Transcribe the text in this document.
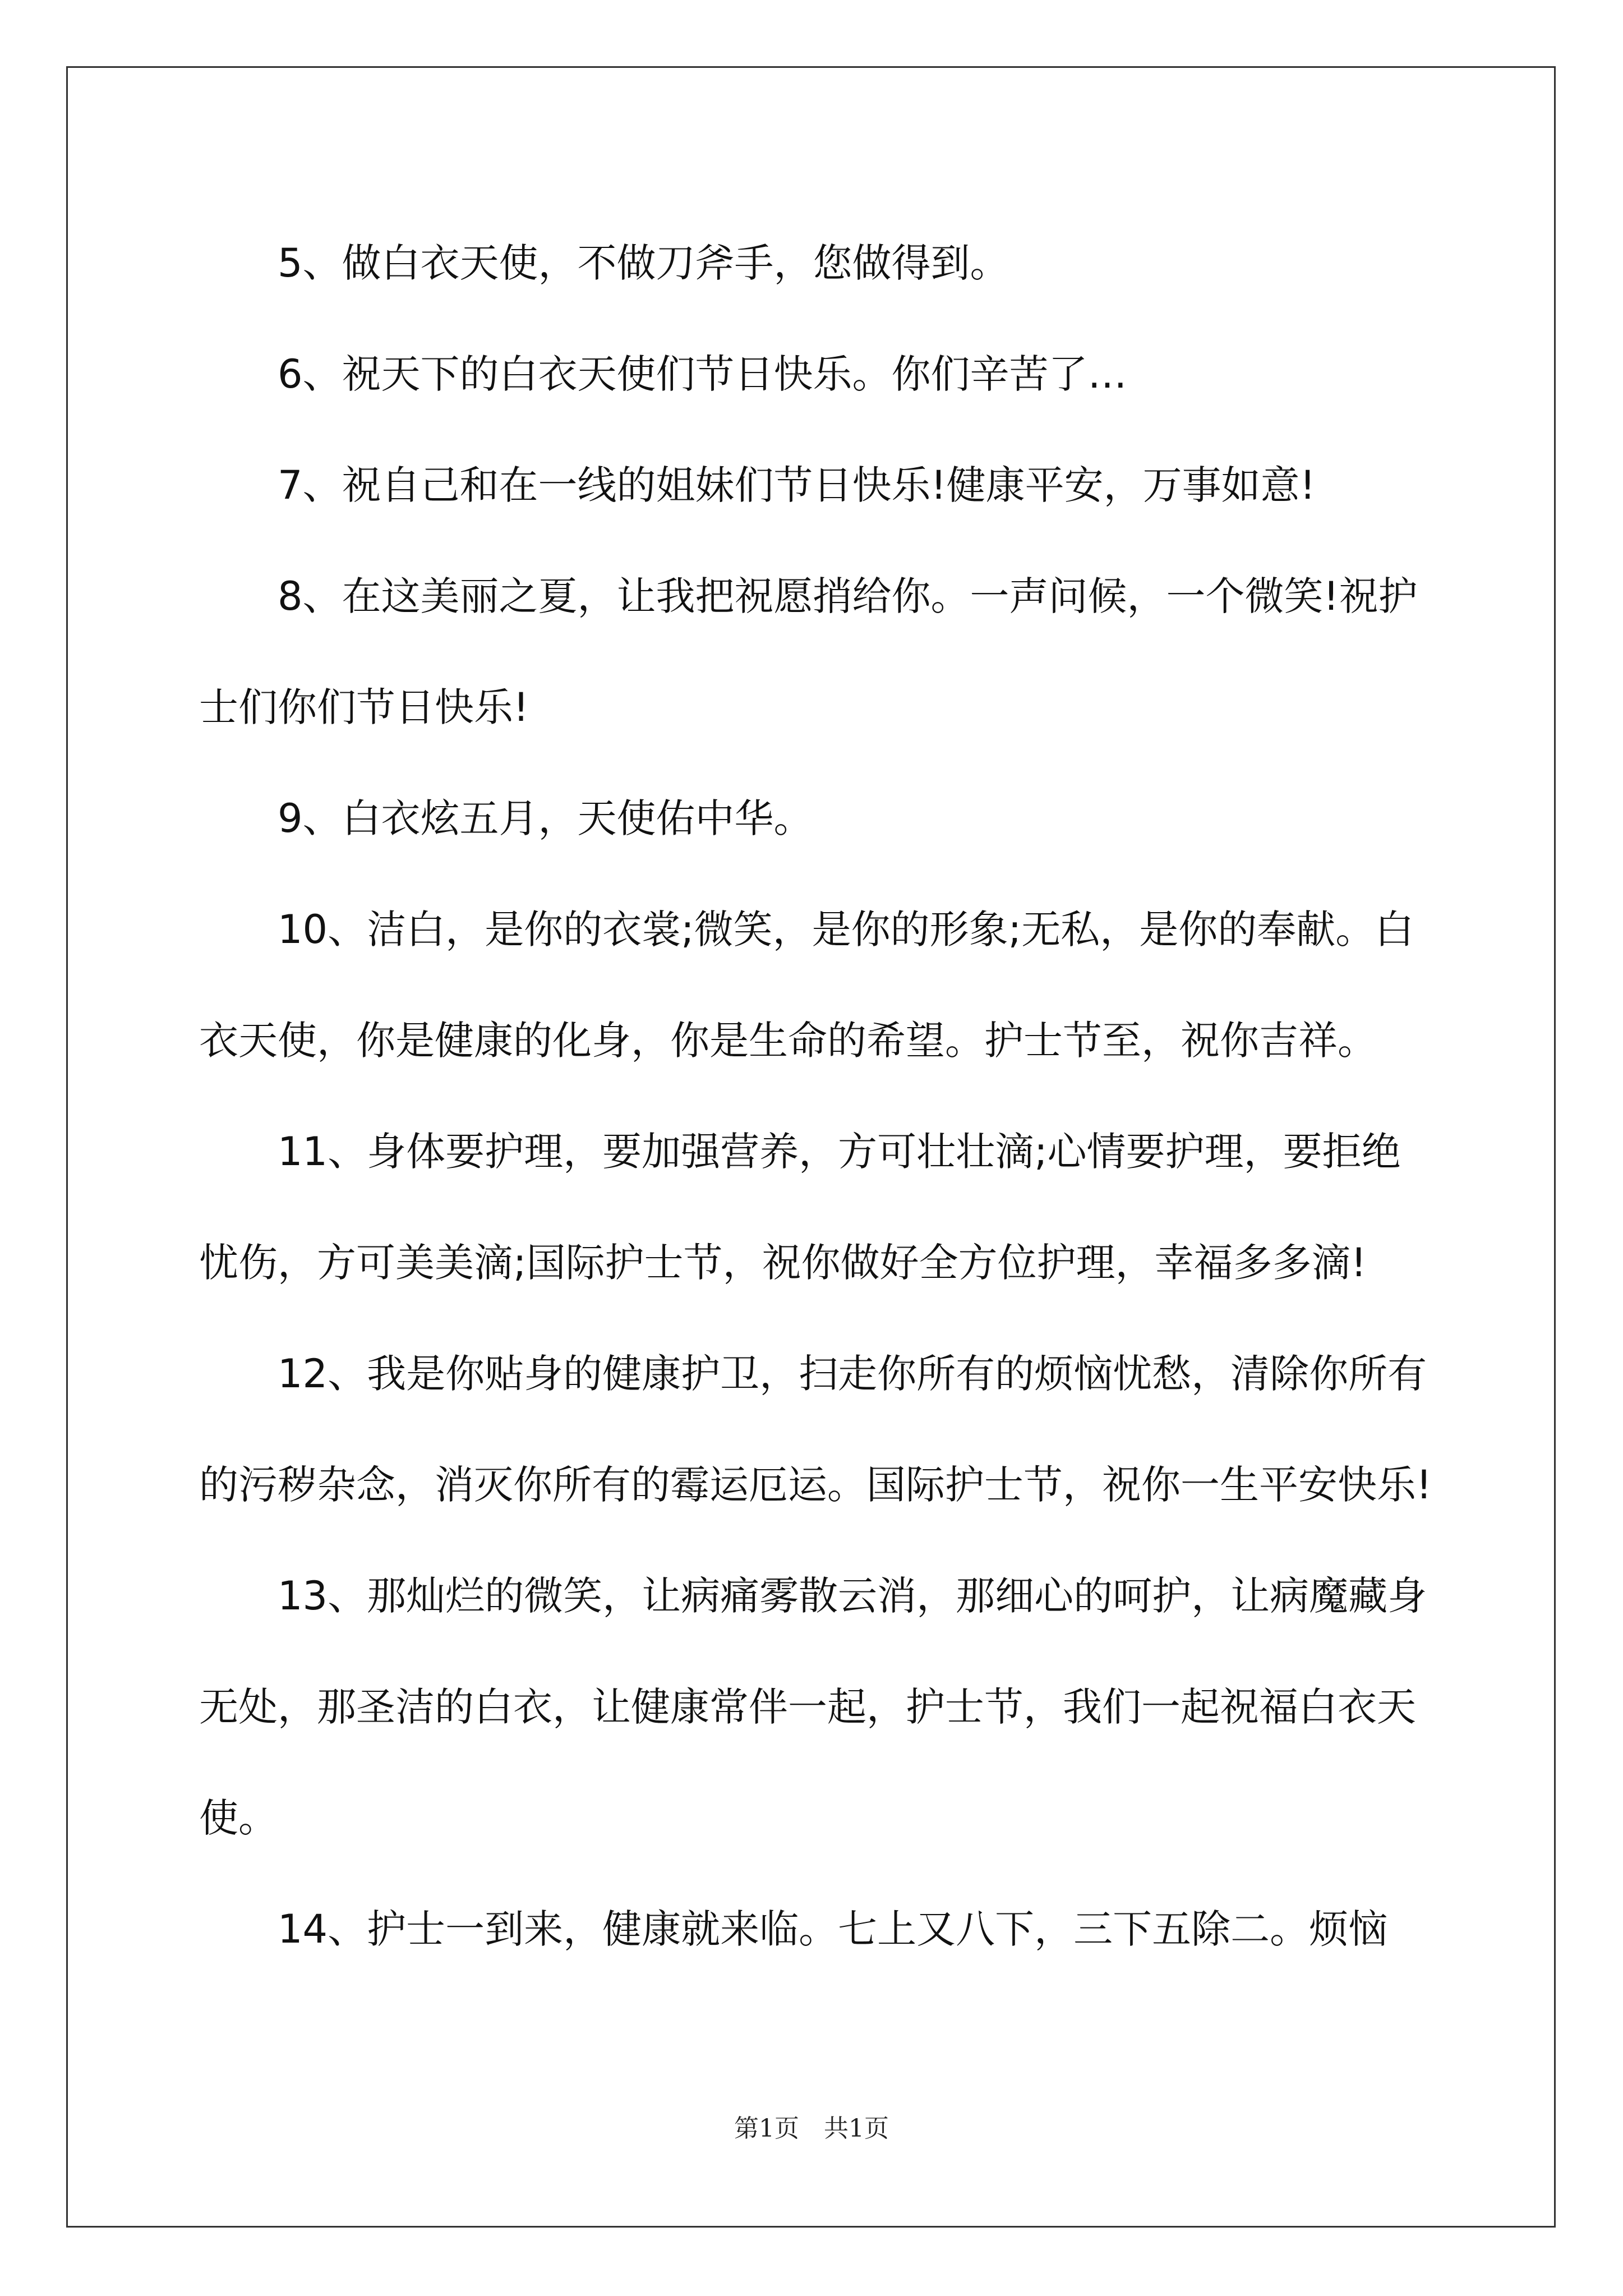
5、做白衣天使，不做刀斧手，您做得到。

6、祝天下的白衣天使们节日快乐。你们辛苦了…

7、祝自己和在一线的姐妹们节日快乐!健康平安，万事如意!

8、在这美丽之夏，让我把祝愿捎给你。一声问候，一个微笑!祝护士们你们节日快乐!

9、白衣炫五月，天使佑中华。

10、洁白，是你的衣裳;微笑，是你的形象;无私，是你的奉献。白衣天使，你是健康的化身，你是生命的希望。护士节至，祝你吉祥。

11、身体要护理，要加强营养，方可壮壮滴;心情要护理，要拒绝忧伤，方可美美滴;国际护士节，祝你做好全方位护理，幸福多多滴!

12、我是你贴身的健康护卫，扫走你所有的烦恼忧愁，清除你所有的污秽杂念，消灭你所有的霉运厄运。国际护士节，祝你一生平安快乐!

13、那灿烂的微笑，让病痛雾散云消，那细心的呵护，让病魔藏身无处，那圣洁的白衣，让健康常伴一起，护士节，我们一起祝福白衣天使。

14、护士一到来，健康就来临。七上又八下，三下五除二。烦恼

第1页 共1页
